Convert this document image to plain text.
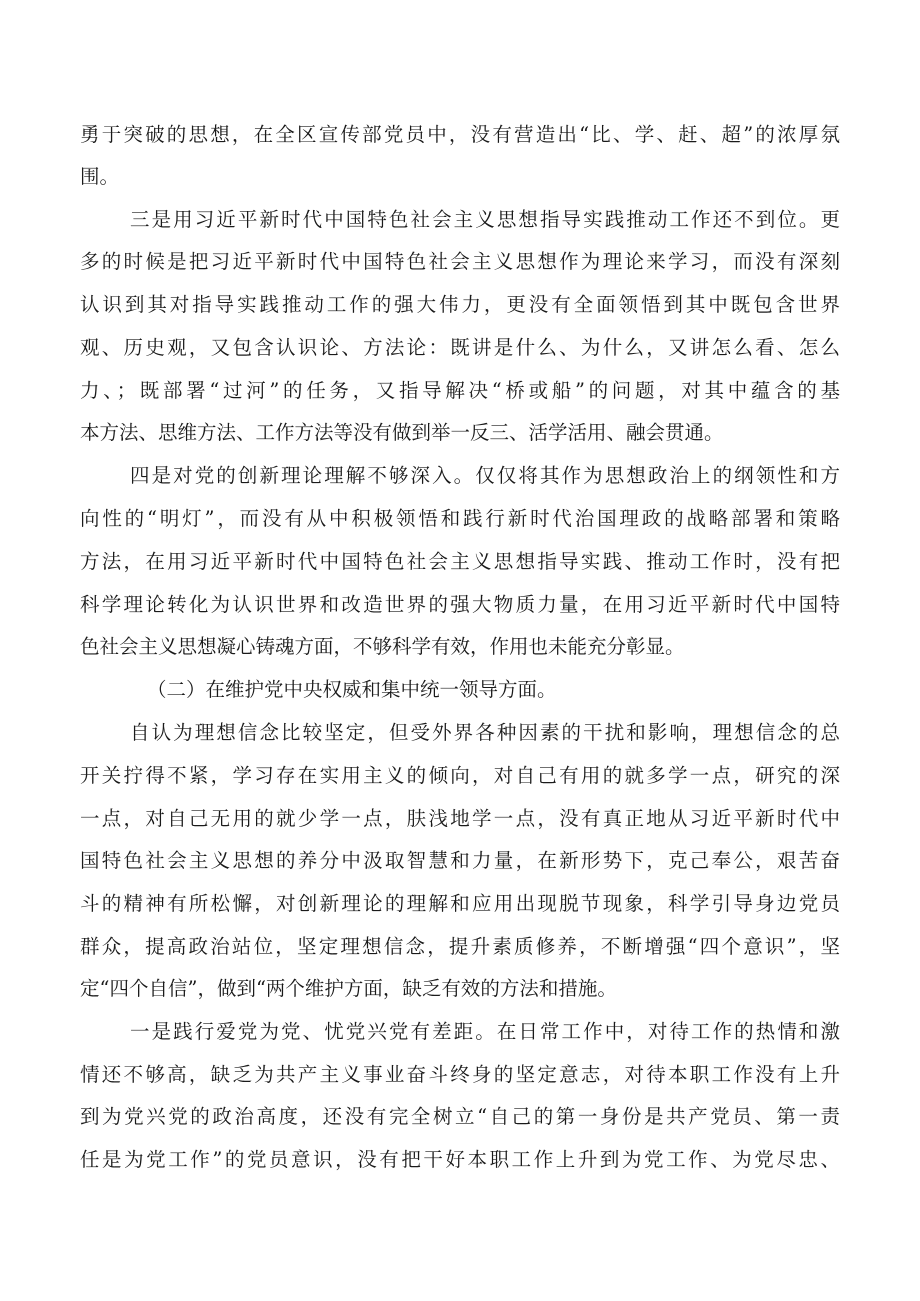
勇于突破的思想，在全区宣传部党员中，没有营造出“比、学、赶、超”的浓厚氛
围。
三是用习近平新时代中国特色社会主义思想指导实践推动工作还不到位。更
多的时候是把习近平新时代中国特色社会主义思想作为理论来学习，而没有深刻
认识到其对指导实践推动工作的强大伟力，更没有全面领悟到其中既包含世界
观、历史观，又包含认识论、方法论：既讲是什么、为什么，又讲怎么看、怎么
力、；既部署“过河”的任务，又指导解决“桥或船”的问题，对其中蕴含的基
本方法、思维方法、工作方法等没有做到举一反三、活学活用、融会贯通。
四是对党的创新理论理解不够深入。仅仅将其作为思想政治上的纲领性和方
向性的“明灯”，而没有从中积极领悟和践行新时代治国理政的战略部署和策略
方法，在用习近平新时代中国特色社会主义思想指导实践、推动工作时，没有把
科学理论转化为认识世界和改造世界的强大物质力量，在用习近平新时代中国特
色社会主义思想凝心铸魂方面，不够科学有效，作用也未能充分彰显。
（二）在维护党中央权威和集中统一领导方面。
自认为理想信念比较坚定，但受外界各种因素的干扰和影响，理想信念的总
开关拧得不紧，学习存在实用主义的倾向，对自己有用的就多学一点，研究的深
一点，对自己无用的就少学一点，肤浅地学一点，没有真正地从习近平新时代中
国特色社会主义思想的养分中汲取智慧和力量，在新形势下，克己奉公，艰苦奋
斗的精神有所松懈，对创新理论的理解和应用出现脱节现象，科学引导身边党员
群众，提高政治站位，坚定理想信念，提升素质修养，不断增强“四个意识”，坚
定“四个自信”，做到“两个维护方面，缺乏有效的方法和措施。
一是践行爱党为党、忧党兴党有差距。在日常工作中，对待工作的热情和激
情还不够高，缺乏为共产主义事业奋斗终身的坚定意志，对待本职工作没有上升
到为党兴党的政治高度，还没有完全树立“自己的第一身份是共产党员、第一责
任是为党工作”的党员意识，没有把干好本职工作上升到为党工作、为党尽忠、
